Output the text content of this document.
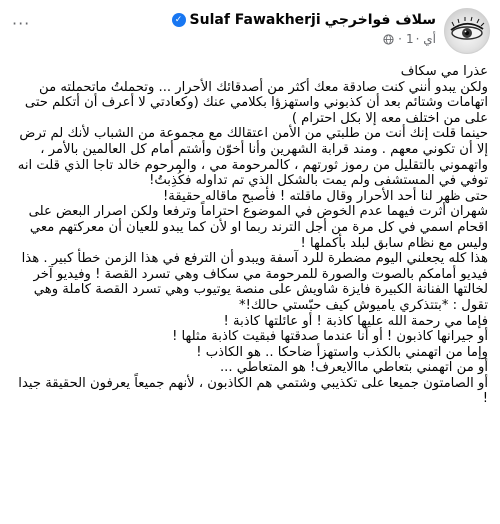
سلاف فواخرجي
Sulaf Fawakherji
✓
أي ·
1
·
···

عذرا مي سكاف

ولكن يبدو أنني كنت صادقة معك أكثر من أصدقائك الأحرار ... وتحملتُ ماتحملته من اتهامات وشتائم بعد أن كذبوني واستهزؤا بكلامي عنك (وكعادتي لا أعرف أن أتكلم حتى على من اختلف معه إلا بكل احترام )

حينما قلت إنك أنت من طلبتي من الأمن اعتقالك مع مجموعة من الشباب لأنك لم ترض إلا أن تكوني معهم . ومند قرابة الشهرين وأنا أخوّن وأشتم أمام كل العالمين بالأمر ، واتهموني بالتقليل من رموز ثورتهم ، كالمرحومة مي ، والمرحوم خالد تاجا الذي قلت انه توفي في المستشفى ولم يمت بالشكل الذي تم تداوله فكُذِبتُ!

حتى ظهر لنا أحد الأحرار وقال ماقلته ! فأصبح ماقاله حقيقة!

شهران أثرت فيهما عدم الخوض في الموضوع احتراماً وترفعا ولكن اصرار البعض على اقحام اسمي في كل مرة من أجل الترند ربما او لأن كما يبدو للعيان أن معركتهم معي وليس مع نظام سابق لبلد بأكملها !

هذا كله يجعلني اليوم مضطرة للرد آسفة ويبدو أن الترفع في هذا الزمن خطأ كبير . هذا فيديو أمامكم بالصوت والصورة للمرحومة مي سكاف وهي تسرد القصة ! وفيديو آخر لخالتها الفنانة الكبيرة فايزة شاويش على منصة يوتيوب وهي تسرد القصة كاملة وهي تقول : *بتتذكري ياميوش كيف حبّستي حالك!*

فإما مي رحمة الله عليها كاذبة ! أو عائلتها كاذبة !

أو جيرانها كاذبون ! أو أنا عندما صدقتها فبقيت كاذبة مثلها !

وإما من اتهمني بالكذب واستهزأ ضاحكا .. هو الكاذب !

أو من اتهمني بتعاطي ماالايعرف! هو المتعاطي ...

أو الصامتون جميعا على تكذيبي وشتمي هم الكاذبون ، لأنهم جميعاً يعرفون الحقيقة جيدا !
